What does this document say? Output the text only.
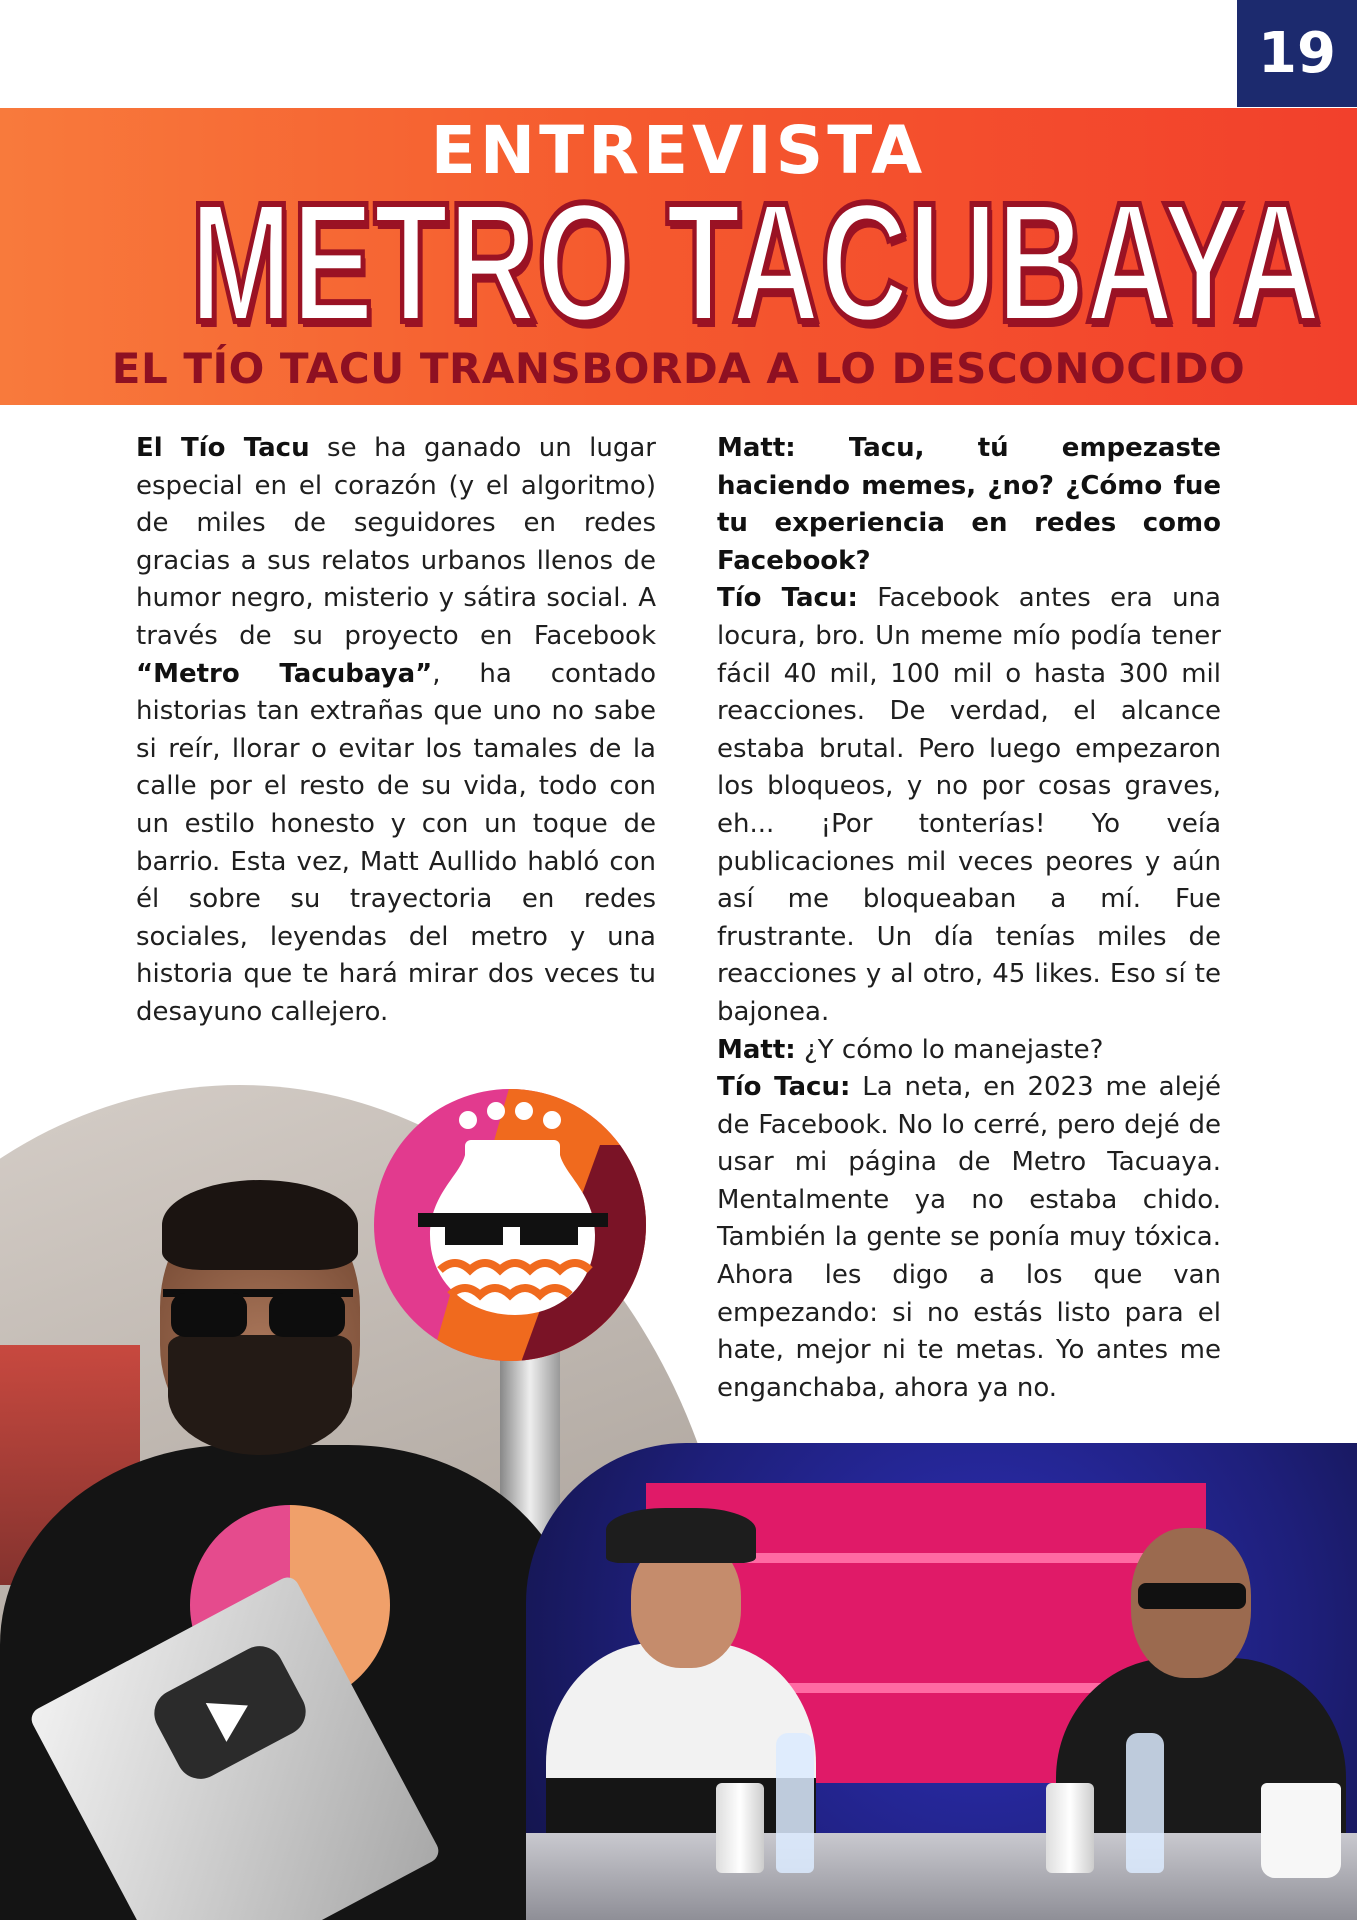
19
ENTREVISTA
METRO TACUBAYA
EL TÍO TACU TRANSBORDA A LO DESCONOCIDO

El Tío Tacu se ha ganado un lugar especial en el corazón (y el algoritmo) de miles de seguidores en redes gracias a sus relatos urbanos llenos de humor negro, misterio y sátira social. A través de su proyecto en Facebook “Metro Tacubaya”, ha contado historias tan extrañas que uno no sabe si reír, llorar o evitar los tamales de la calle por el resto de su vida, todo con un estilo honesto y con un toque de barrio. Esta vez, Matt Aullido habló con él sobre su trayectoria en redes sociales, leyendas del metro y una historia que te hará mirar dos veces tu desayuno callejero.

Matt: Tacu, tú empezaste haciendo memes, ¿no? ¿Cómo fue tu experiencia en redes como Facebook?

Tío Tacu: Facebook antes era una locura, bro. Un meme mío podía tener fácil 40 mil, 100 mil o hasta 300 mil reacciones. De verdad, el alcance estaba brutal. Pero luego empezaron los bloqueos, y no por cosas graves, eh... ¡Por tonterías! Yo veía publicaciones mil veces peores y aún así me bloqueaban a mí. Fue frustrante. Un día tenías miles de reacciones y al otro, 45 likes. Eso sí te bajonea.

Matt: ¿Y cómo lo manejaste?

Tío Tacu: La neta, en 2023 me alejé de Facebook. No lo cerré, pero dejé de usar mi página de Metro Tacuaya. Mentalmente ya no estaba chido. También la gente se ponía muy tóxica. Ahora les digo a los que van empezando: si no estás listo para el hate, mejor ni te metas. Yo antes me enganchaba, ahora ya no.
